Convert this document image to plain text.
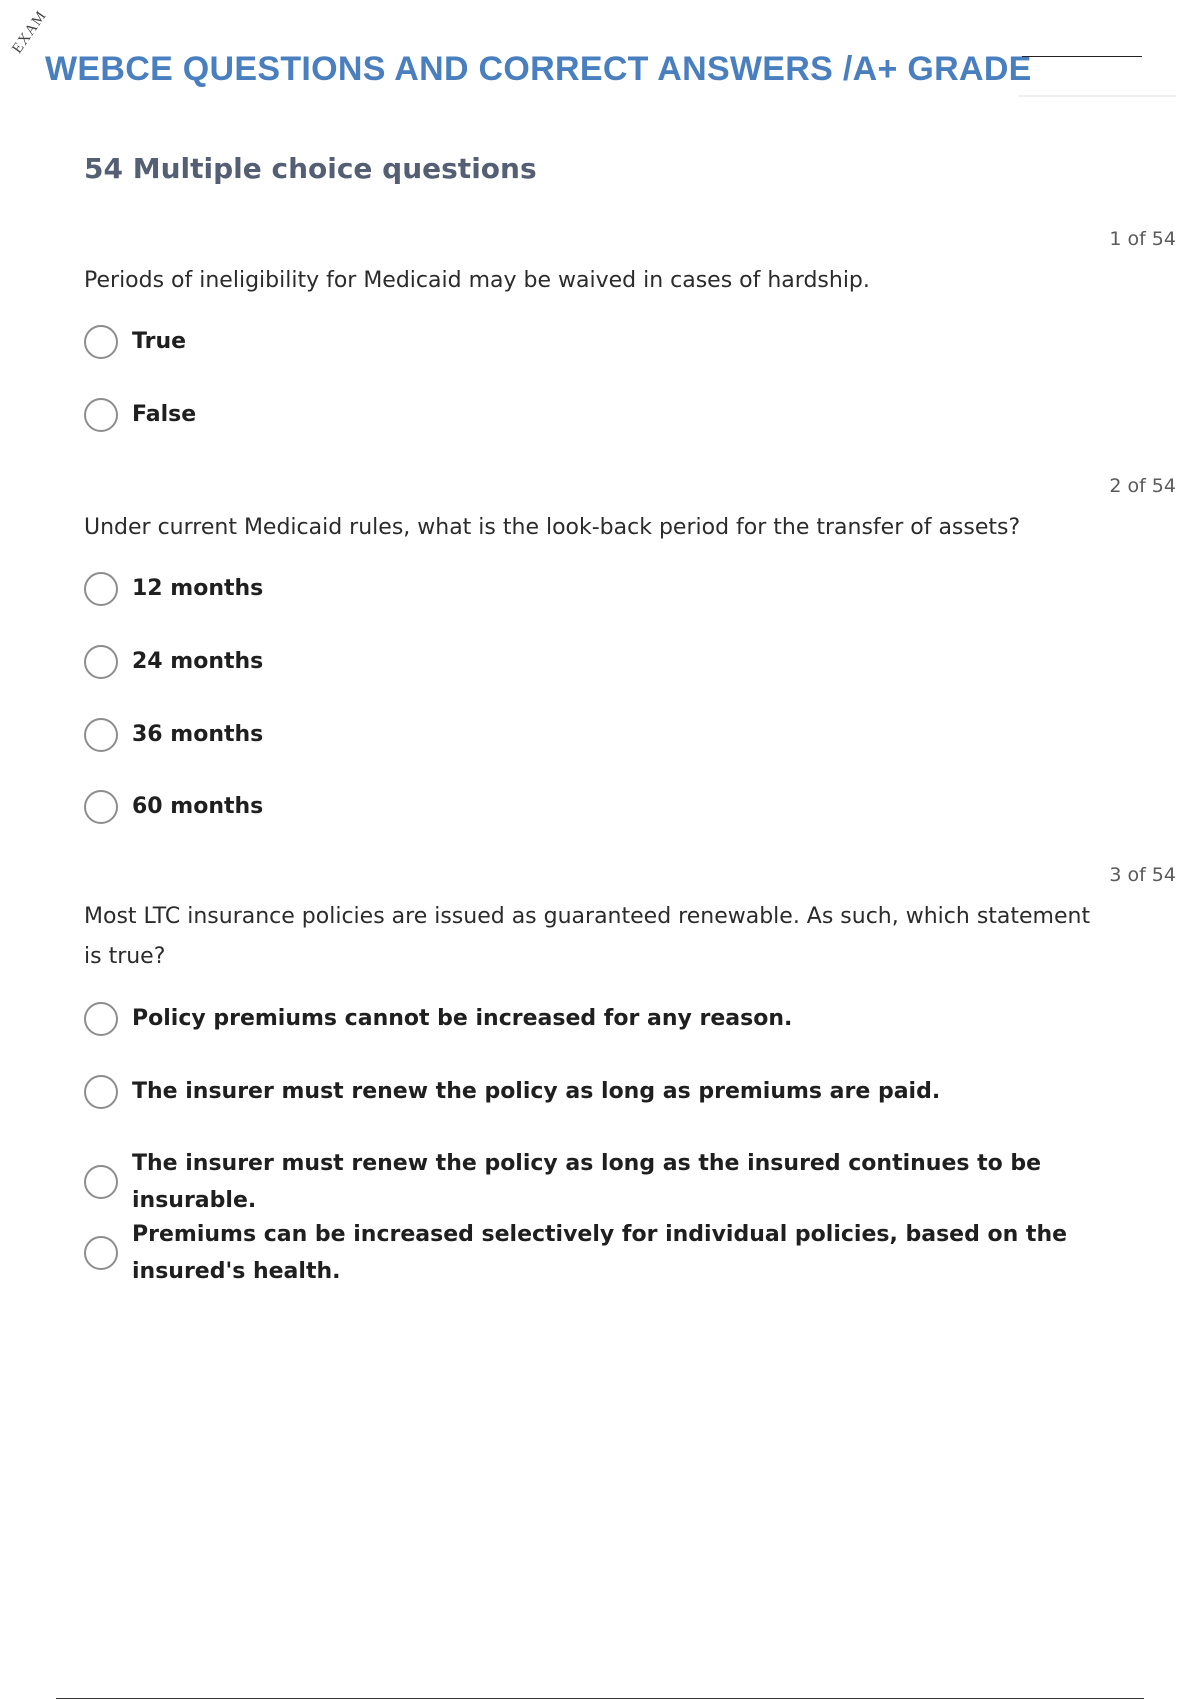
EXAM
WEBCE QUESTIONS AND CORRECT ANSWERS /A+ GRADE
54 Multiple choice questions
1 of 54
Periods of ineligibility for Medicaid may be waived in cases of hardship.
True
False
2 of 54
Under current Medicaid rules, what is the look-back period for the transfer of assets?
12 months
24 months
36 months
60 months
3 of 54
Most LTC insurance policies are issued as guaranteed renewable. As such, which statement is true?
Policy premiums cannot be increased for any reason.
The insurer must renew the policy as long as premiums are paid.
The insurer must renew the policy as long as the insured continues to be insurable.
Premiums can be increased selectively for individual policies, based on the insured's health.
